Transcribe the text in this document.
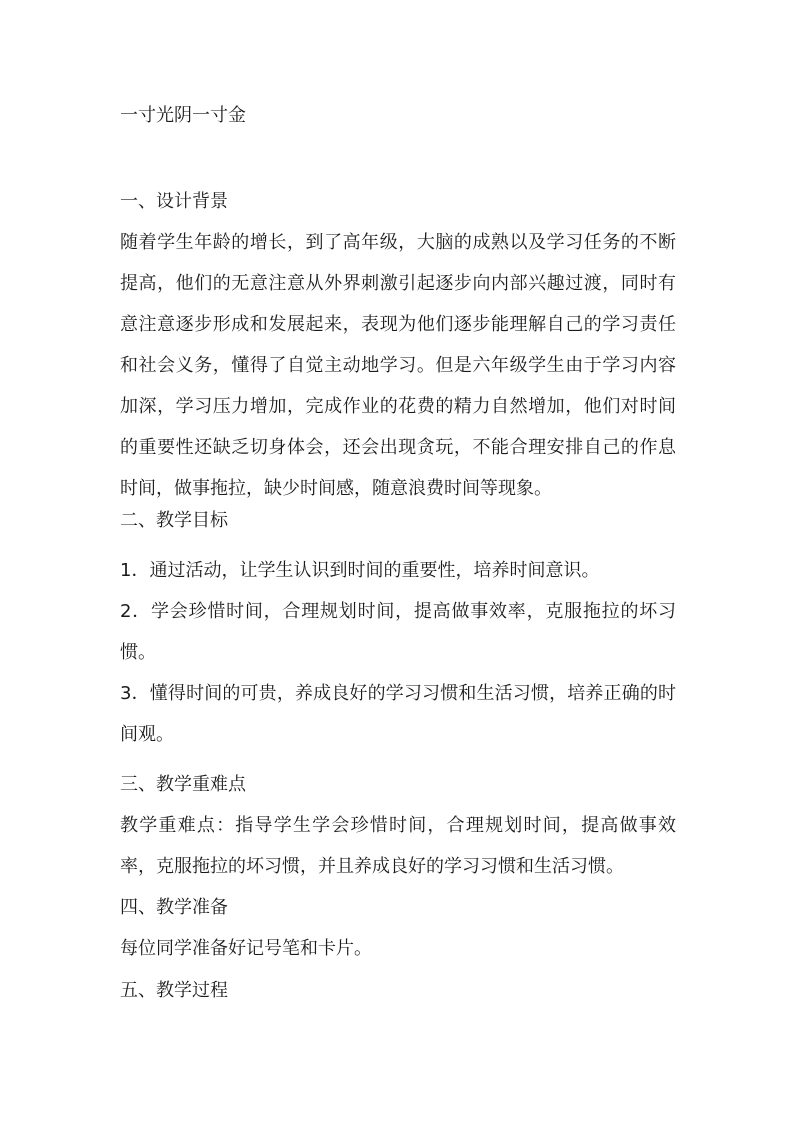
一寸光阴一寸金
一、设计背景
随着学生年龄的增长，到了高年级，大脑的成熟以及学习任务的不断提高，他们的无意注意从外界刺激引起逐步向内部兴趣过渡，同时有意注意逐步形成和发展起来，表现为他们逐步能理解自己的学习责任和社会义务，懂得了自觉主动地学习。但是六年级学生由于学习内容加深，学习压力增加，完成作业的花费的精力自然增加，他们对时间的重要性还缺乏切身体会，还会出现贪玩，不能合理安排自己的作息时间，做事拖拉，缺少时间感，随意浪费时间等现象。
二、教学目标
1．通过活动，让学生认识到时间的重要性，培养时间意识。
2．学会珍惜时间，合理规划时间，提高做事效率，克服拖拉的坏习惯。
3．懂得时间的可贵，养成良好的学习习惯和生活习惯，培养正确的时间观。
三、教学重难点
教学重难点：指导学生学会珍惜时间，合理规划时间，提高做事效率，克服拖拉的坏习惯，并且养成良好的学习习惯和生活习惯。
四、教学准备
每位同学准备好记号笔和卡片。
五、教学过程
